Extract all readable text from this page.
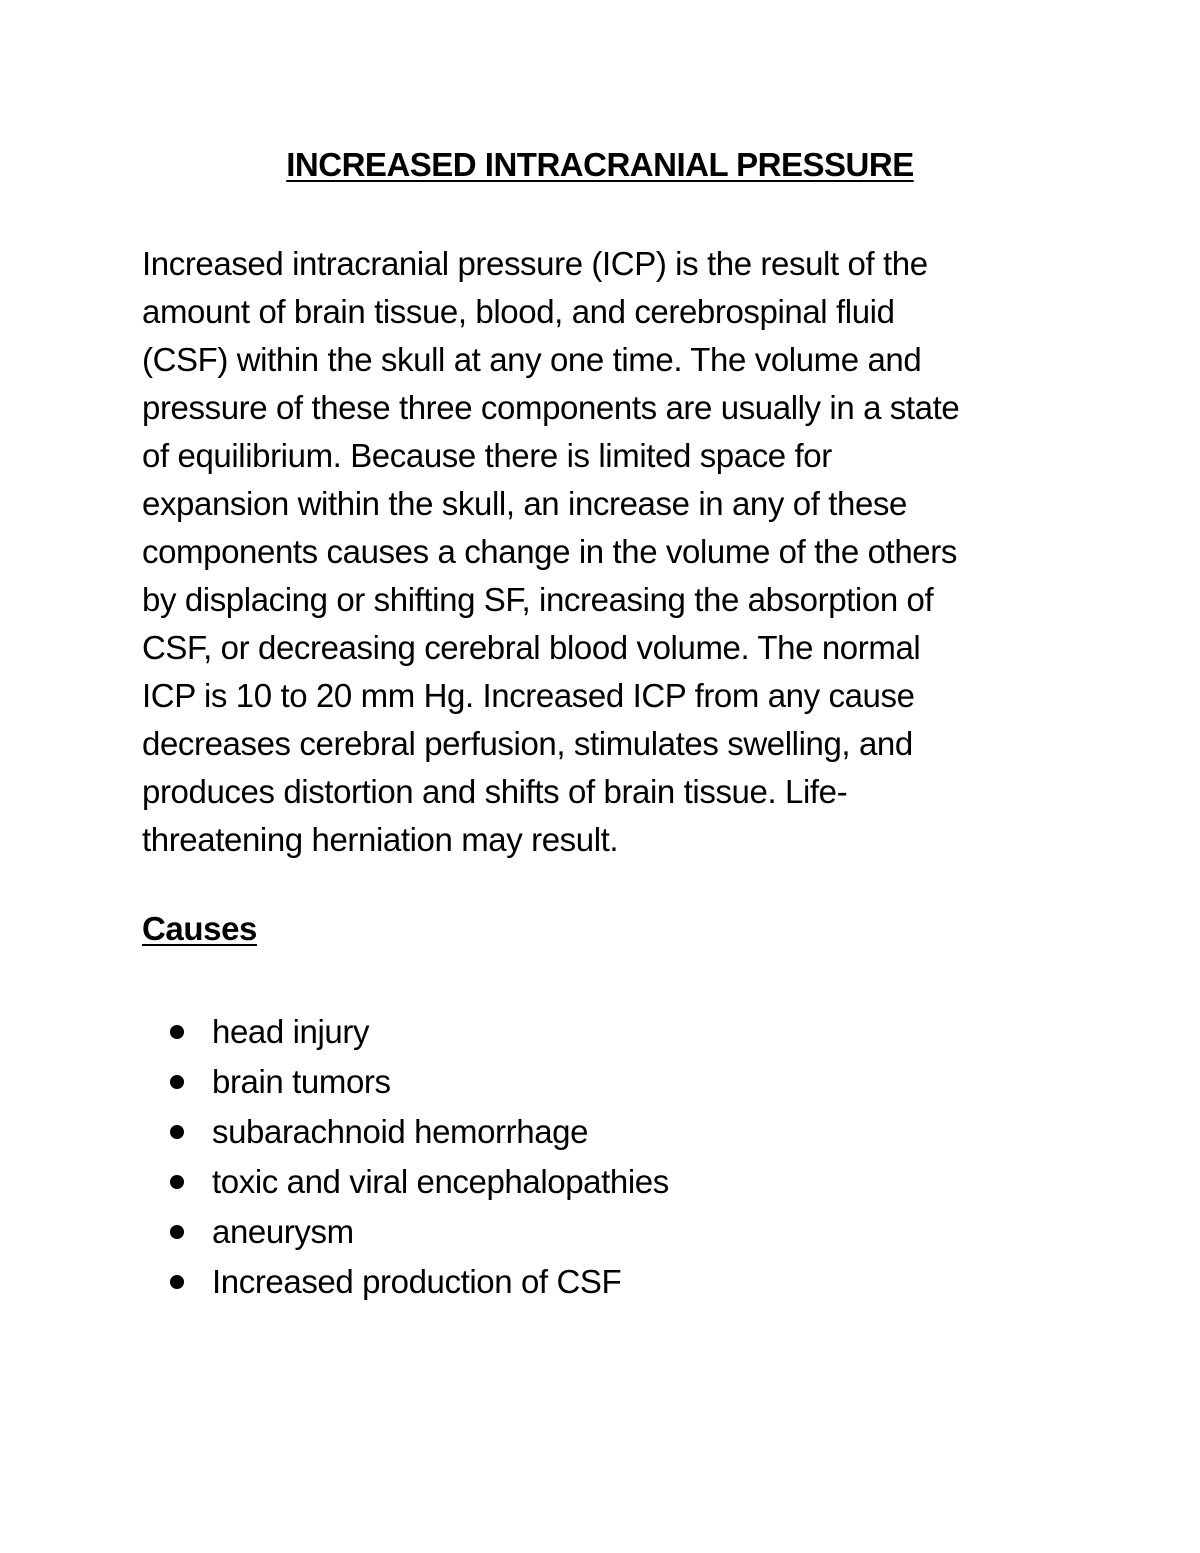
INCREASED INTRACRANIAL PRESSURE

Increased intracranial pressure (ICP) is the result of the
amount of brain tissue, blood, and cerebrospinal fluid
(CSF) within the skull at any one time. The volume and
pressure of these three components are usually in a state
of equilibrium. Because there is limited space for
expansion within the skull, an increase in any of these
components causes a change in the volume of the others
by displacing or shifting SF, increasing the absorption of
CSF, or decreasing cerebral blood volume. The normal
ICP is 10 to 20 mm Hg. Increased ICP from any cause
decreases cerebral perfusion, stimulates swelling, and
produces distortion and shifts of brain tissue. Life-
threatening herniation may result.

Causes
head injury
brain tumors
subarachnoid hemorrhage
toxic and viral encephalopathies
aneurysm
Increased production of CSF
